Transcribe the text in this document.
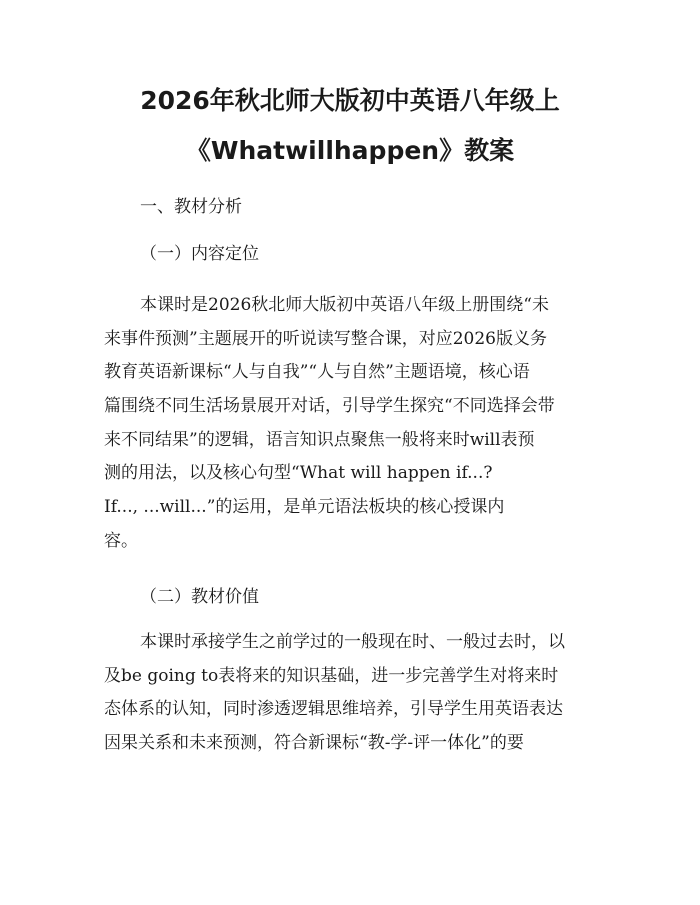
2026年秋北师大版初中英语八年级上
《Whatwillhappen》教案

一、教材分析

（一）内容定位

本课时是2026秋北师大版初中英语八年级上册围绕“未
来事件预测”主题展开的听说读写整合课，对应2026版义务
教育英语新课标“人与自我”“人与自然”主题语境，核心语
篇围绕不同生活场景展开对话，引导学生探究“不同选择会带
来不同结果”的逻辑，语言知识点聚焦一般将来时will表预
测的用法，以及核心句型“What will happen if...?
If..., ...will...”的运用，是单元语法板块的核心授课内
容。

（二）教材价值

本课时承接学生之前学过的一般现在时、一般过去时，以
及be going to表将来的知识基础，进一步完善学生对将来时
态体系的认知，同时渗透逻辑思维培养，引导学生用英语表达
因果关系和未来预测，符合新课标“教-学-评一体化”的要
